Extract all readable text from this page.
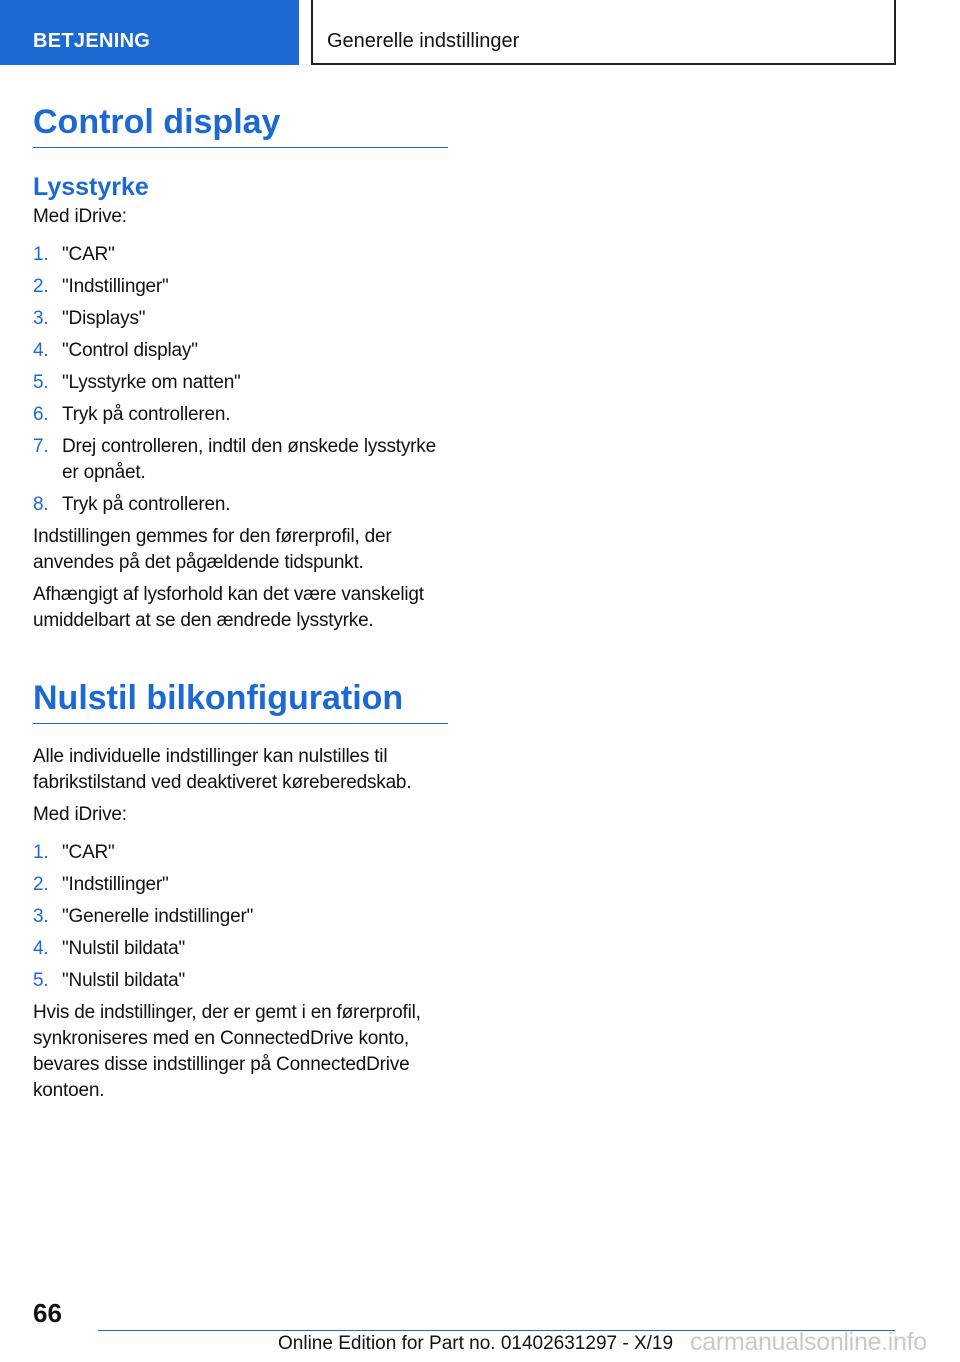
BETJENING	Generelle indstillinger
Control display
Lysstyrke

Med iDrive:

1. "CAR"
2. "Indstillinger"
3. "Displays"
4. "Control display"
5. "Lysstyrke om natten"
6. Tryk på controlleren.
7. Drej controlleren, indtil den ønskede lysstyrke er opnået.
8. Tryk på controlleren.

Indstillingen gemmes for den førerprofil, der anvendes på det pågældende tidspunkt.

Afhængigt af lysforhold kan det være vanskeligt umiddelbart at se den ændrede lysstyrke.

Nulstil bilkonfiguration

Alle individuelle indstillinger kan nulstilles til fabrikstilstand ved deaktiveret køreberedskab.

Med iDrive:

1. "CAR"
2. "Indstillinger"
3. "Generelle indstillinger"
4. "Nulstil bildata"
5. "Nulstil bildata"

Hvis de indstillinger, der er gemt i en førerprofil, synkroniseres med en ConnectedDrive konto, bevares disse indstillinger på ConnectedDrive kontoen.

66
Online Edition for Part no. 01402631297 - X/19 carmanualsonline.info
